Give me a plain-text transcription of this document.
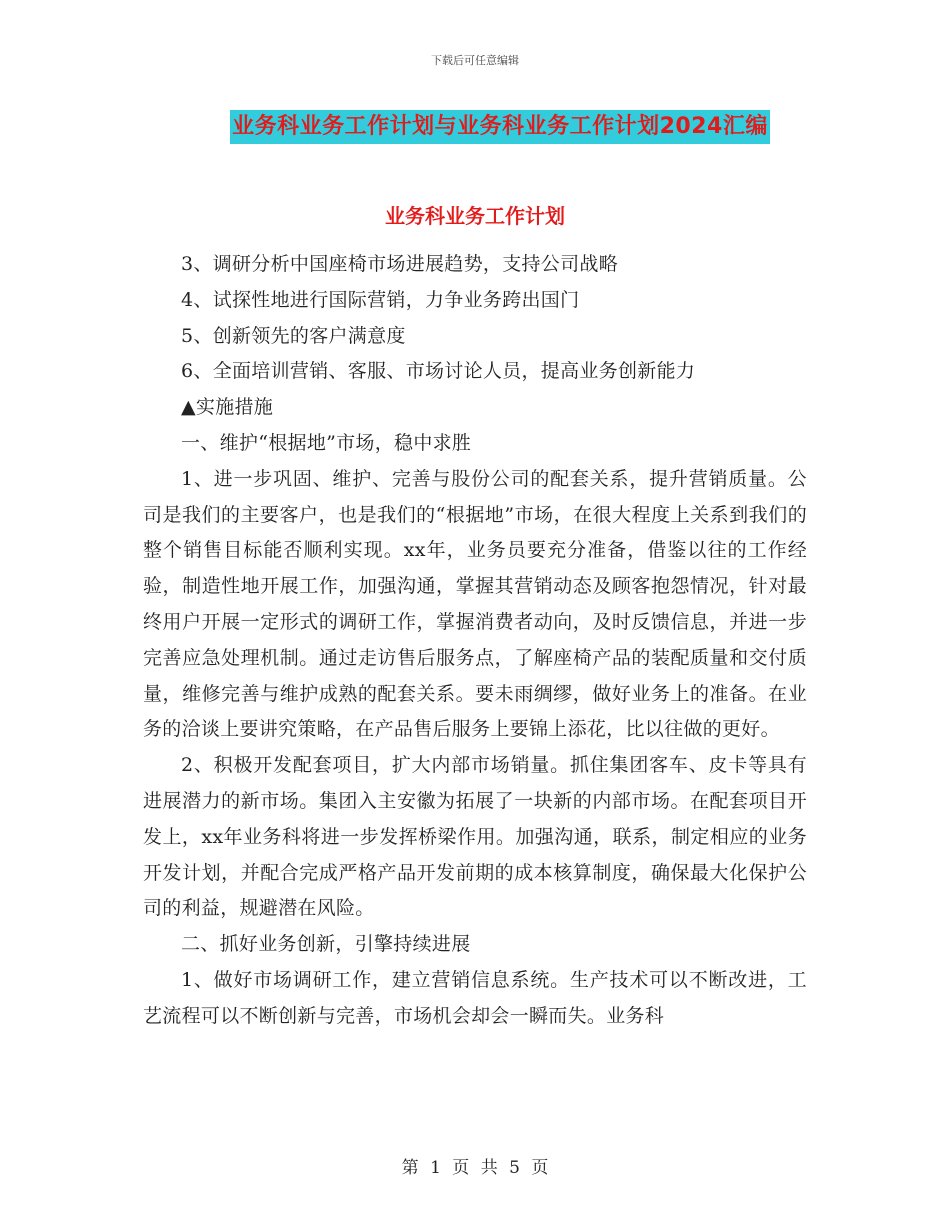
下载后可任意编辑
业务科业务工作计划与业务科业务工作计划2024汇编
业务科业务工作计划

3、调研分析中国座椅市场进展趋势，支持公司战略

4、试探性地进行国际营销，力争业务跨出国门

5、创新领先的客户满意度

6、全面培训营销、客服、市场讨论人员，提高业务创新能力

▲实施措施

一、维护“根据地”市场，稳中求胜

1、进一步巩固、维护、完善与股份公司的配套关系，提升营销质量。公司是我们的主要客户，也是我们的“根据地”市场，在很大程度上关系到我们的整个销售目标能否顺利实现。xx年，业务员要充分准备，借鉴以往的工作经验，制造性地开展工作，加强沟通，掌握其营销动态及顾客抱怨情况，针对最终用户开展一定形式的调研工作，掌握消费者动向，及时反馈信息，并进一步完善应急处理机制。通过走访售后服务点，了解座椅产品的装配质量和交付质量，维修完善与维护成熟的配套关系。要未雨绸缪，做好业务上的准备。在业务的洽谈上要讲究策略，在产品售后服务上要锦上添花，比以往做的更好。

2、积极开发配套项目，扩大内部市场销量。抓住集团客车、皮卡等具有进展潜力的新市场。集团入主安徽为拓展了一块新的内部市场。在配套项目开发上，xx年业务科将进一步发挥桥梁作用。加强沟通，联系，制定相应的业务开发计划，并配合完成严格产品开发前期的成本核算制度，确保最大化保护公司的利益，规避潜在风险。

二、抓好业务创新，引擎持续进展

1、做好市场调研工作，建立营销信息系统。生产技术可以不断改进，工艺流程可以不断创新与完善，市场机会却会一瞬而失。业务科

第 1 页 共 5 页
